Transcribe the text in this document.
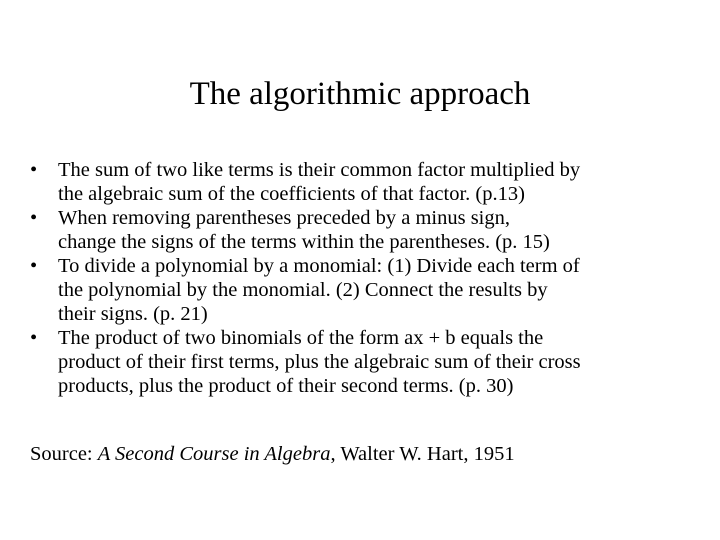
The algorithmic approach
• The sum of two like terms is their common factor multiplied by
the algebraic sum of the coefficients of that factor. (p.13)
• When removing parentheses preceded by a minus sign,
change the signs of the terms within the parentheses. (p. 15)
• To divide a polynomial by a monomial: (1) Divide each term of
the polynomial by the monomial. (2) Connect the results by
their signs. (p. 21)
• The product of two binomials of the form ax + b equals the
product of their first terms, plus the algebraic sum of their cross
products, plus the product of their second terms. (p. 30)
Source: A Second Course in Algebra, Walter W. Hart, 1951
